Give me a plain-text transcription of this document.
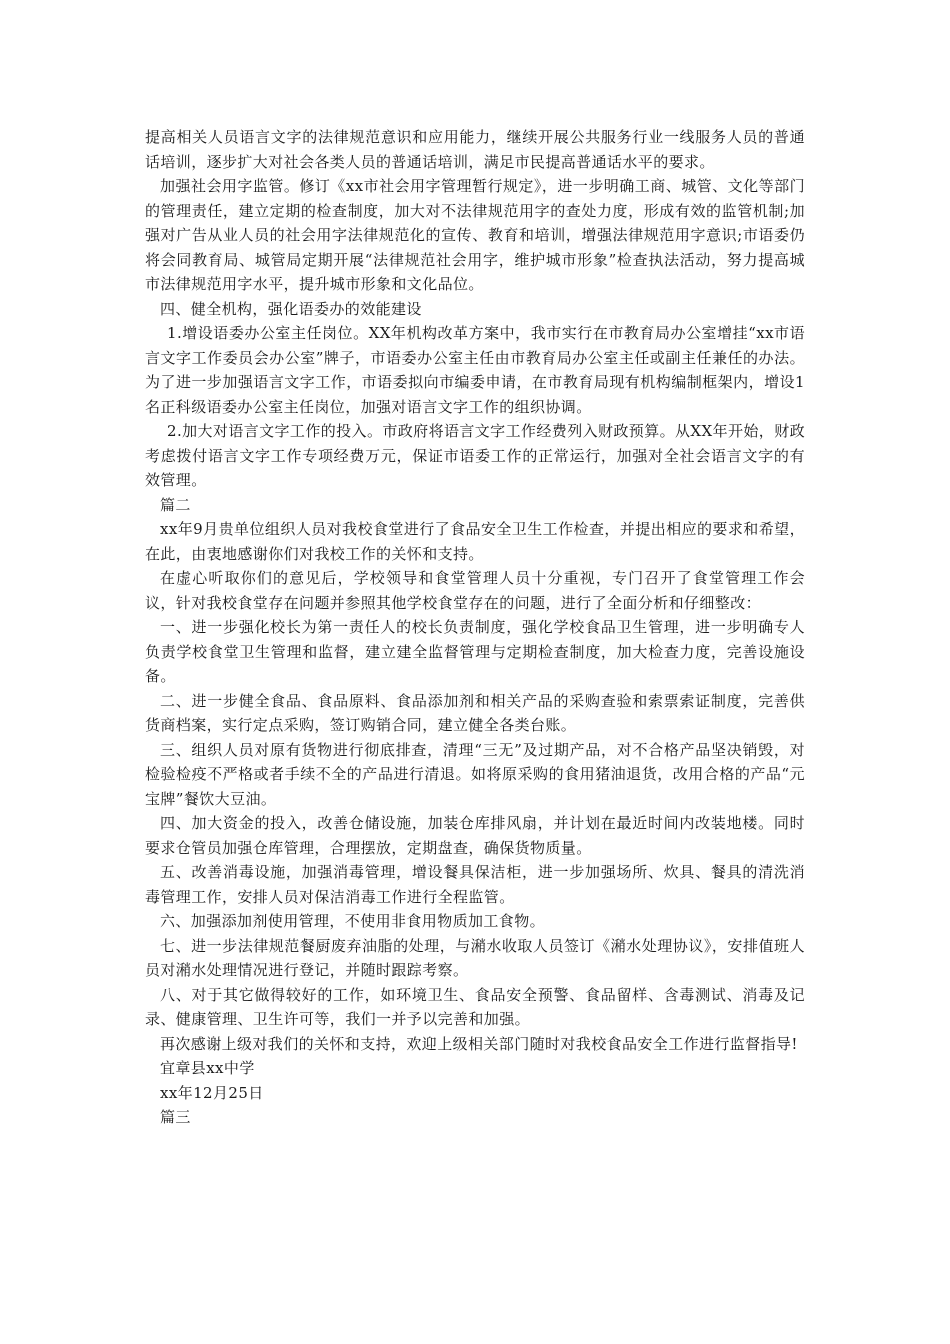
提高相关人员语言文字的法律规范意识和应用能力，继续开展公共服务行业一线服务人员的普通话培训，逐步扩大对社会各类人员的普通话培训，满足市民提高普通话水平的要求。

加强社会用字监管。修订《xx市社会用字管理暂行规定》，进一步明确工商、城管、文化等部门的管理责任，建立定期的检查制度，加大对不法律规范用字的查处力度，形成有效的监管机制;加强对广告从业人员的社会用字法律规范化的宣传、教育和培训，增强法律规范用字意识;市语委仍将会同教育局、城管局定期开展“法律规范社会用字，维护城市形象”检查执法活动，努力提高城市法律规范用字水平，提升城市形象和文化品位。

四、健全机构，强化语委办的效能建设

1.增设语委办公室主任岗位。XX年机构改革方案中，我市实行在市教育局办公室增挂“xx市语言文字工作委员会办公室”牌子，市语委办公室主任由市教育局办公室主任或副主任兼任的办法。为了进一步加强语言文字工作，市语委拟向市编委申请，在市教育局现有机构编制框架内，增设1名正科级语委办公室主任岗位，加强对语言文字工作的组织协调。

2.加大对语言文字工作的投入。市政府将语言文字工作经费列入财政预算。从XX年开始，财政考虑拨付语言文字工作专项经费万元，保证市语委工作的正常运行，加强对全社会语言文字的有效管理。

篇二

xx年9月贵单位组织人员对我校食堂进行了食品安全卫生工作检查，并提出相应的要求和希望，在此，由衷地感谢你们对我校工作的关怀和支持。

在虚心听取你们的意见后，学校领导和食堂管理人员十分重视，专门召开了食堂管理工作会议，针对我校食堂存在问题并参照其他学校食堂存在的问题，进行了全面分析和仔细整改：

一、进一步强化校长为第一责任人的校长负责制度，强化学校食品卫生管理，进一步明确专人负责学校食堂卫生管理和监督，建立建全监督管理与定期检查制度，加大检查力度，完善设施设备。

二、进一步健全食品、食品原料、食品添加剂和相关产品的采购查验和索票索证制度，完善供货商档案，实行定点采购，签订购销合同，建立健全各类台账。

三、组织人员对原有货物进行彻底排查，清理“三无”及过期产品，对不合格产品坚决销毁，对检验检疫不严格或者手续不全的产品进行清退。如将原采购的食用猪油退货，改用合格的产品“元宝牌”餐饮大豆油。

四、加大资金的投入，改善仓储设施，加装仓库排风扇，并计划在最近时间内改装地楼。同时要求仓管员加强仓库管理，合理摆放，定期盘查，确保货物质量。

五、改善消毒设施，加强消毒管理，增设餐具保洁柜，进一步加强场所、炊具、餐具的清洗消毒管理工作，安排人员对保洁消毒工作进行全程监管。

六、加强添加剂使用管理，不使用非食用物质加工食物。

七、进一步法律规范餐厨废弃油脂的处理，与潲水收取人员签订《潲水处理协议》，安排值班人员对潲水处理情况进行登记，并随时跟踪考察。

八、对于其它做得较好的工作，如环境卫生、食品安全预警、食品留样、含毒测试、消毒及记录、健康管理、卫生许可等，我们一并予以完善和加强。

再次感谢上级对我们的关怀和支持，欢迎上级相关部门随时对我校食品安全工作进行监督指导!

宜章县xx中学

xx年12月25日

篇三
